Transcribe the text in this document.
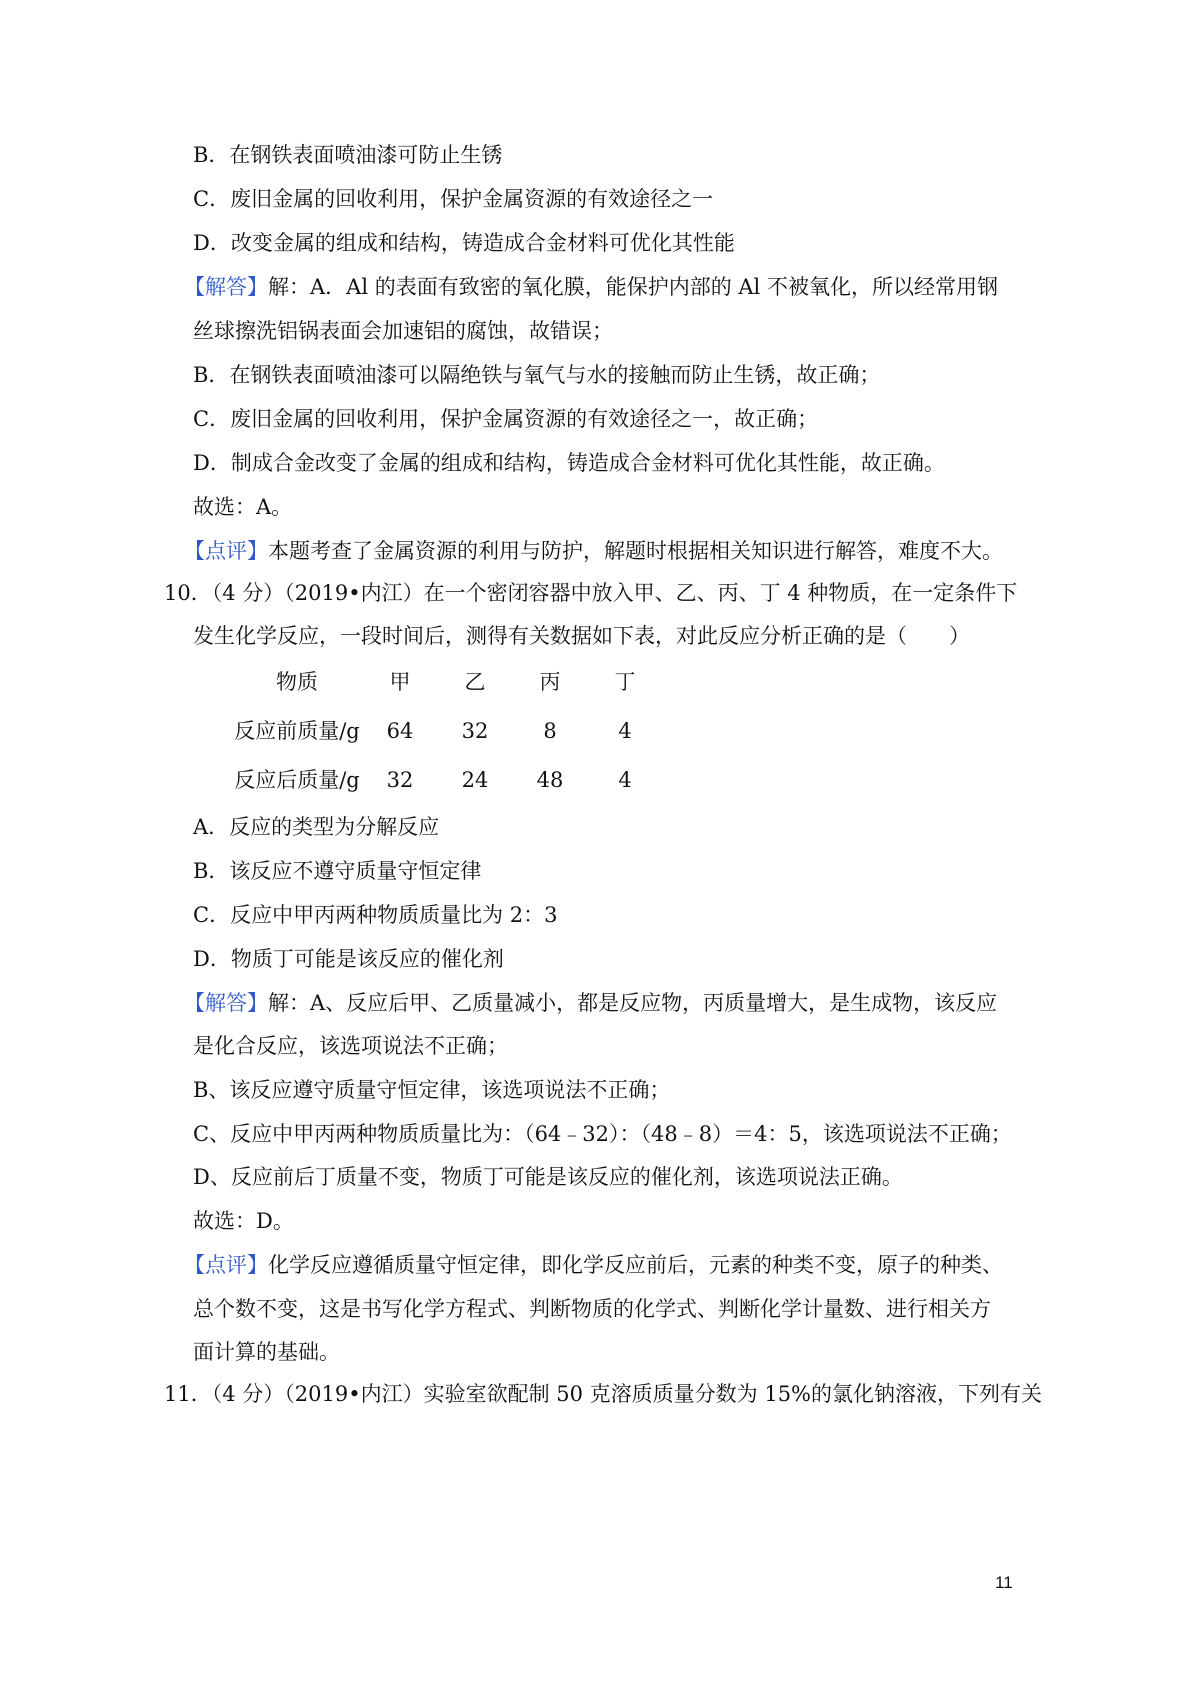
B．在钢铁表面喷油漆可防止生锈
C．废旧金属的回收利用，保护金属资源的有效途径之一
D．改变金属的组成和结构，铸造成合金材料可优化其性能
【解答】解：A．Al 的表面有致密的氧化膜，能保护内部的 Al 不被氧化，所以经常用钢
丝球擦洗铝锅表面会加速铝的腐蚀，故错误；
B．在钢铁表面喷油漆可以隔绝铁与氧气与水的接触而防止生锈，故正确；
C．废旧金属的回收利用，保护金属资源的有效途径之一，故正确；
D．制成合金改变了金属的组成和结构，铸造成合金材料可优化其性能，故正确。
故选：A。
【点评】本题考查了金属资源的利用与防护，解题时根据相关知识进行解答，难度不大。
10．（4 分）（2019•内江）在一个密闭容器中放入甲、乙、丙、丁 4 种物质，在一定条件下
发生化学反应，一段时间后，测得有关数据如下表，对此反应分析正确的是（　　）
物质	甲	乙	丙	丁
反应前质量/g	64	32	8	4
反应后质量/g	32	24	48	4
A．反应的类型为分解反应
B．该反应不遵守质量守恒定律
C．反应中甲丙两种物质质量比为 2：3
D．物质丁可能是该反应的催化剂
【解答】解：A、反应后甲、乙质量减小，都是反应物，丙质量增大，是生成物，该反应
是化合反应，该选项说法不正确；
B、该反应遵守质量守恒定律，该选项说法不正确；
C、反应中甲丙两种物质质量比为：（64﹣32）：（48﹣8）＝4：5，该选项说法不正确；
D、反应前后丁质量不变，物质丁可能是该反应的催化剂，该选项说法正确。
故选：D。
【点评】化学反应遵循质量守恒定律，即化学反应前后，元素的种类不变，原子的种类、
总个数不变，这是书写化学方程式、判断物质的化学式、判断化学计量数、进行相关方
面计算的基础。
11．（4 分）（2019•内江）实验室欲配制 50 克溶质质量分数为 15%的氯化钠溶液，下列有关
11
